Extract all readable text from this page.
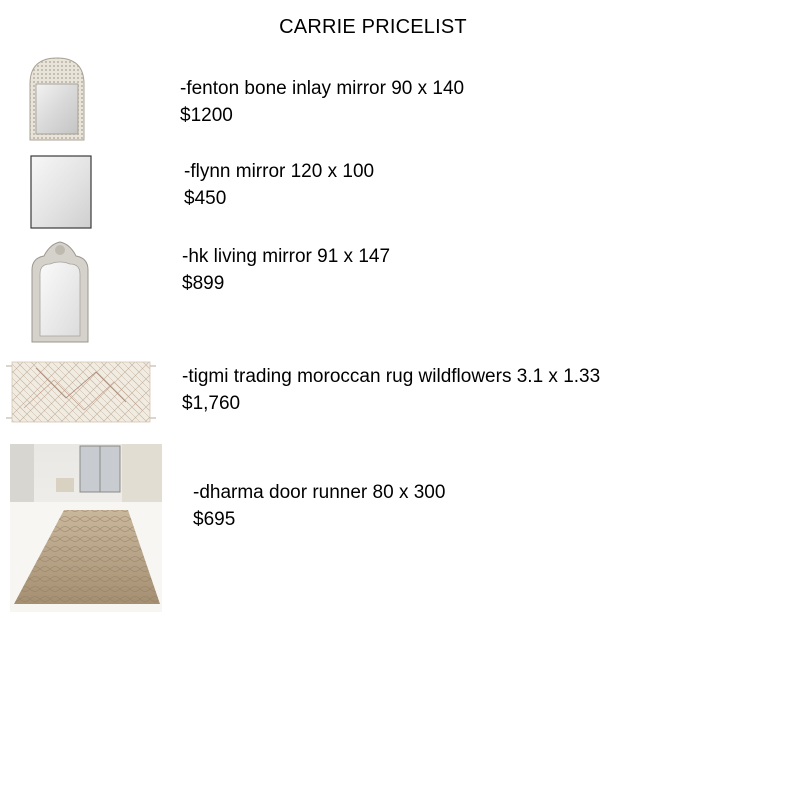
CARRIE PRICELIST
-fenton bone inlay mirror 90 x 140
$1200
-flynn mirror 120 x 100
$450
-hk living mirror 91 x 147
$899
-tigmi trading moroccan rug wildflowers 3.1 x 1.33
$1,760
-dharma door runner 80 x 300
$695
